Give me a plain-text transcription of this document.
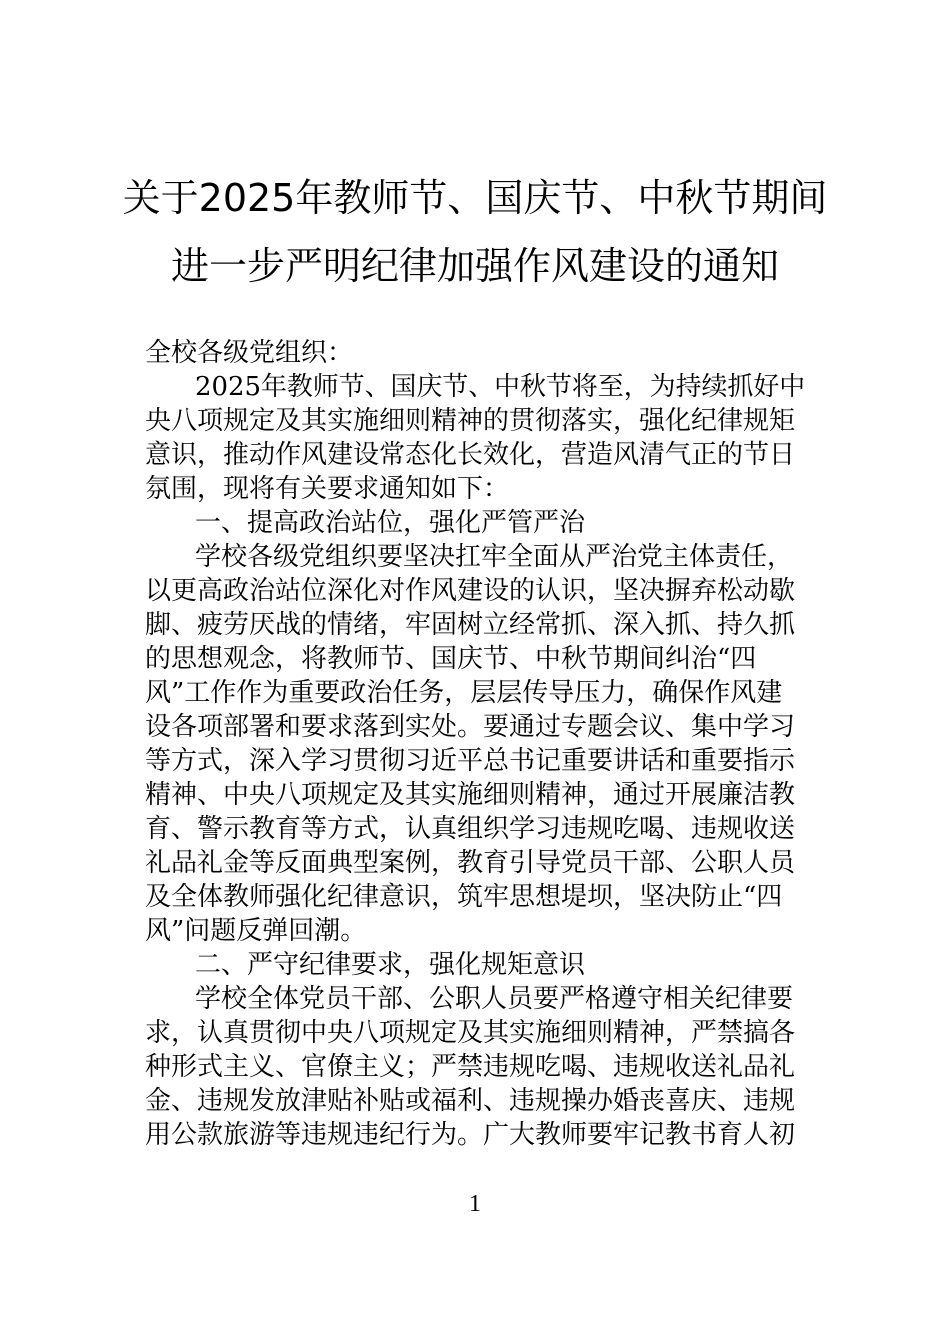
关于2025年教师节、国庆节、中秋节期间
进一步严明纪律加强作风建设的通知
全校各级党组织：
2025年教师节、国庆节、中秋节将至，为持续抓好中
央八项规定及其实施细则精神的贯彻落实，强化纪律规矩
意识，推动作风建设常态化长效化，营造风清气正的节日
氛围，现将有关要求通知如下：
一、提高政治站位，强化严管严治
学校各级党组织要坚决扛牢全面从严治党主体责任，
以更高政治站位深化对作风建设的认识，坚决摒弃松动歇
脚、疲劳厌战的情绪，牢固树立经常抓、深入抓、持久抓
的思想观念，将教师节、国庆节、中秋节期间纠治“四
风”工作作为重要政治任务，层层传导压力，确保作风建
设各项部署和要求落到实处。要通过专题会议、集中学习
等方式，深入学习贯彻习近平总书记重要讲话和重要指示
精神、中央八项规定及其实施细则精神，通过开展廉洁教
育、警示教育等方式，认真组织学习违规吃喝、违规收送
礼品礼金等反面典型案例，教育引导党员干部、公职人员
及全体教师强化纪律意识，筑牢思想堤坝，坚决防止“四
风”问题反弹回潮。
二、严守纪律要求，强化规矩意识
学校全体党员干部、公职人员要严格遵守相关纪律要
求，认真贯彻中央八项规定及其实施细则精神，严禁搞各
种形式主义、官僚主义；严禁违规吃喝、违规收送礼品礼
金、违规发放津贴补贴或福利、违规操办婚丧喜庆、违规
用公款旅游等违规违纪行为。广大教师要牢记教书育人初
1
